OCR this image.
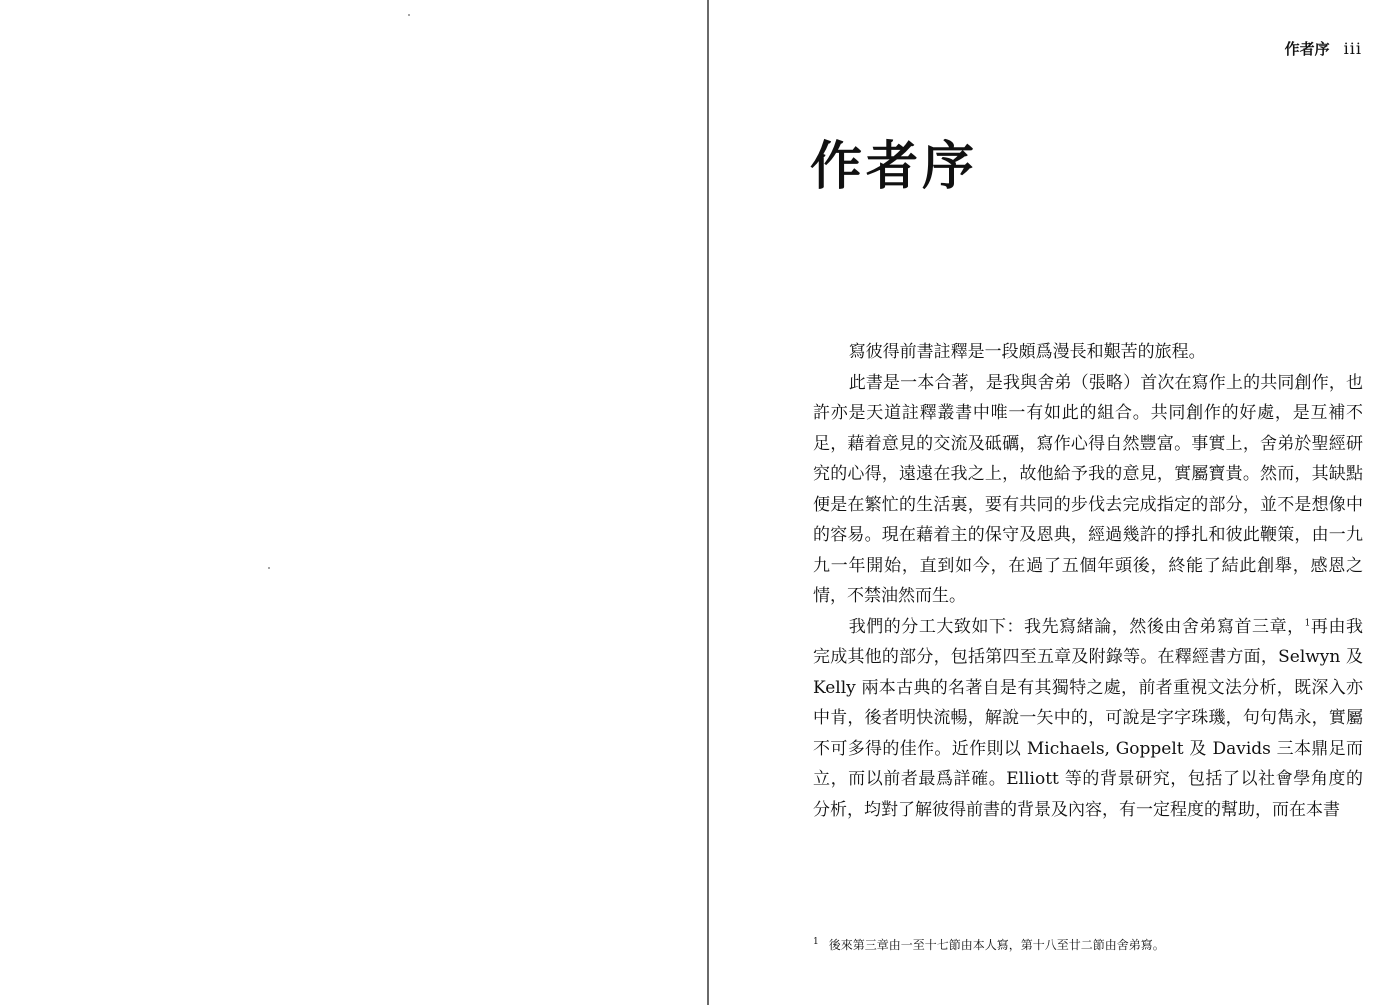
作者序 iii
作者序

寫彼得前書註釋是一段頗爲漫長和艱苦的旅程。

此書是一本合著，是我與舍弟（張略）首次在寫作上的共同創作，也許亦是天道註釋叢書中唯一有如此的組合。共同創作的好處，是互補不足，藉着意見的交流及砥礪，寫作心得自然豐富。事實上，舍弟於聖經研究的心得，遠遠在我之上，故他給予我的意見，實屬寶貴。然而，其缺點便是在繁忙的生活裏，要有共同的步伐去完成指定的部分，並不是想像中的容易。現在藉着主的保守及恩典，經過幾許的掙扎和彼此鞭策，由一九九一年開始，直到如今，在過了五個年頭後，終能了結此創舉，感恩之情，不禁油然而生。

我們的分工大致如下：我先寫緒論，然後由舍弟寫首三章，$^1$再由我完成其他的部分，包括第四至五章及附錄等。在釋經書方面，Selwyn 及 Kelly 兩本古典的名著自是有其獨特之處，前者重視文法分析，既深入亦中肯，後者明快流暢，解說一矢中的，可說是字字珠璣，句句雋永，實屬不可多得的佳作。近作則以 Michaels, Goppelt 及 Davids 三本鼎足而立，而以前者最爲詳確。Elliott 等的背景研究，包括了以社會學角度的分析，均對了解彼得前書的背景及內容，有一定程度的幫助，而在本書

$^1$ 後來第三章由一至十七節由本人寫，第十八至廿二節由舍弟寫。
